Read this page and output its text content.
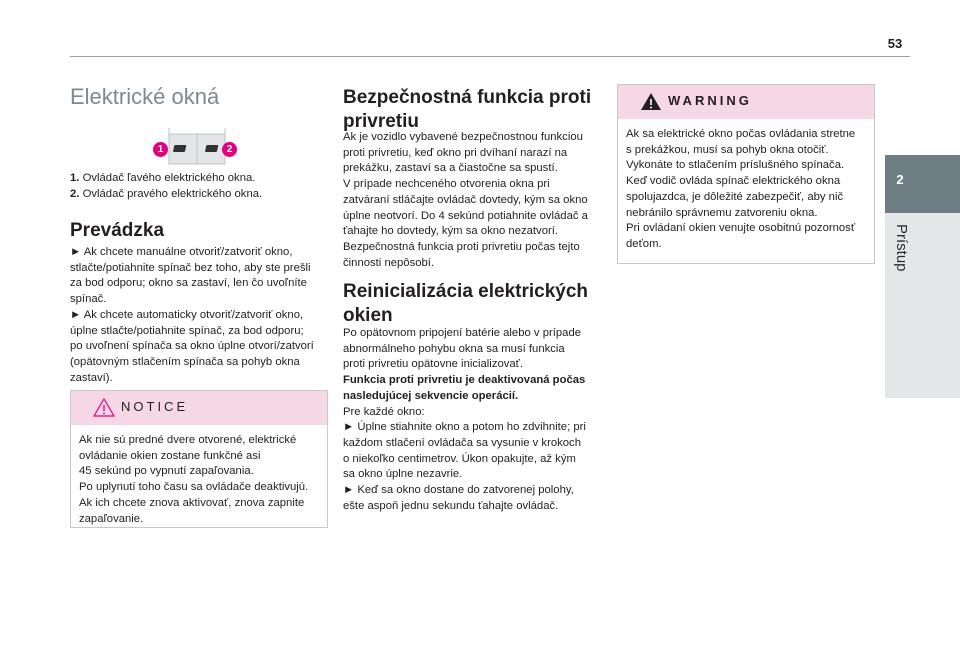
53
2
Prístup
Elektrické okná
1	2

1. Ovládač ľavého elektrického okna.

2. Ovládač pravého elektrického okna.

Prevádzka

► Ak chcete manuálne otvoriť/zatvoriť okno,

stlačte/potiahnite spínač bez toho, aby ste prešli

za bod odporu; okno sa zastaví, len čo uvoľníte

spínač.

► Ak chcete automaticky otvoriť/zatvoriť okno,

úplne stlačte/potiahnite spínač, za bod odporu;

po uvoľnení spínača sa okno úplne otvorí/zatvorí

(opätovným stlačením spínača sa pohyb okna

zastaví).

NOTICE

Ak nie sú predné dvere otvorené, elektrické

ovládanie okien zostane funkčné asi

45 sekúnd po vypnutí zapaľovania.

Po uplynutí toho času sa ovládače deaktivujú.

Ak ich chcete znova aktivovať, znova zapnite

zapaľovanie.

Bezpečnostná funkcia proti
privretiu

Ak je vozidlo vybavené bezpečnostnou funkciou

proti privretiu, keď okno pri dvíhaní narazí na

prekážku, zastaví sa a čiastočne sa spustí.

V prípade nechceného otvorenia okna pri

zatváraní stláčajte ovládač dovtedy, kým sa okno

úplne neotvorí. Do 4 sekúnd potiahnite ovládač a

ťahajte ho dovtedy, kým sa okno nezatvorí.

Bezpečnostná funkcia proti privretiu počas tejto

činnosti nepôsobí.

Reinicializácia elektrických
okien

Po opätovnom pripojení batérie alebo v prípade

abnormálneho pohybu okna sa musí funkcia

proti privretiu opätovne inicializovať.

Funkcia proti privretiu je deaktivovaná počas

nasledujúcej sekvencie operácií.

Pre každé okno:

► Úplne stiahnite okno a potom ho zdvihnite; pri

každom stlačení ovládača sa vysunie v krokoch

o niekoľko centimetrov. Úkon opakujte, až kým

sa okno úplne nezavrie.

► Keď sa okno dostane do zatvorenej polohy,

ešte aspoň jednu sekundu ťahajte ovládač.

WARNING

Ak sa elektrické okno počas ovládania stretne

s prekážkou, musí sa pohyb okna otočiť.

Vykonáte to stlačením príslušného spínača.

Keď vodič ovláda spínač elektrického okna

spolujazdca, je dôležité zabezpečiť, aby nič

nebránilo správnemu zatvoreniu okna.

Pri ovládaní okien venujte osobitnú pozornosť

deťom.
